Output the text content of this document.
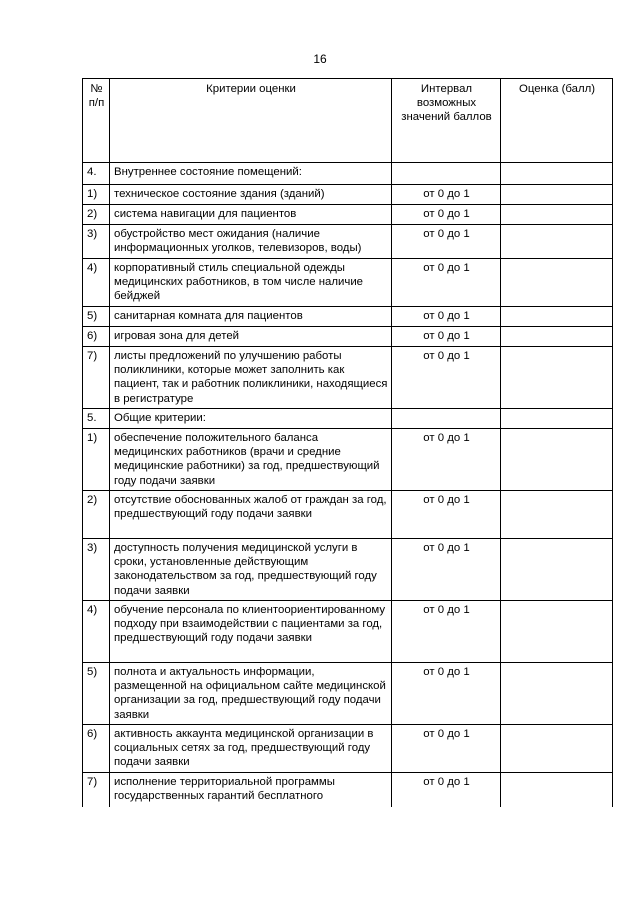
16
№ п/п	Критерии оценки	Интервал возможных значений баллов	Оценка (балл)
4.	Внутреннее состояние помещений:		
1)	техническое состояние здания (зданий)	от 0 до 1	
2)	система навигации для пациентов	от 0 до 1	
3)	обустройство мест ожидания (наличие информационных уголков, телевизоров, воды)	от 0 до 1	
4)	корпоративный стиль специальной одежды медицинских работников, в том числе наличие бейджей	от 0 до 1	
5)	санитарная комната для пациентов	от 0 до 1	
6)	игровая зона для детей	от 0 до 1	
7)	листы предложений по улучшению работы поликлиники, которые может заполнить как пациент, так и работник поликлиники, находящиеся в регистратуре	от 0 до 1	
5.	Общие критерии:		
1)	обеспечение положительного баланса медицинских работников (врачи и средние медицинские работники) за год, предшествующий году подачи заявки	от 0 до 1	
2)	отсутствие обоснованных жалоб от граждан за год, предшествующий году подачи заявки	от 0 до 1	
3)	доступность получения медицинской услуги в сроки, установленные действующим законодательством за год, предшествующий году подачи заявки	от 0 до 1	
4)	обучение персонала по клиентоориентированному подходу при взаимодействии с пациентами за год, предшествующий году подачи заявки	от 0 до 1	
5)	полнота и актуальность информации, размещенной на официальном сайте медицинской организации за год, предшествующий году подачи заявки	от 0 до 1	
6)	активность аккаунта медицинской организации в социальных сетях за год, предшествующий году подачи заявки	от 0 до 1	
7)	исполнение территориальной программы государственных гарантий бесплатного	от 0 до 1	
